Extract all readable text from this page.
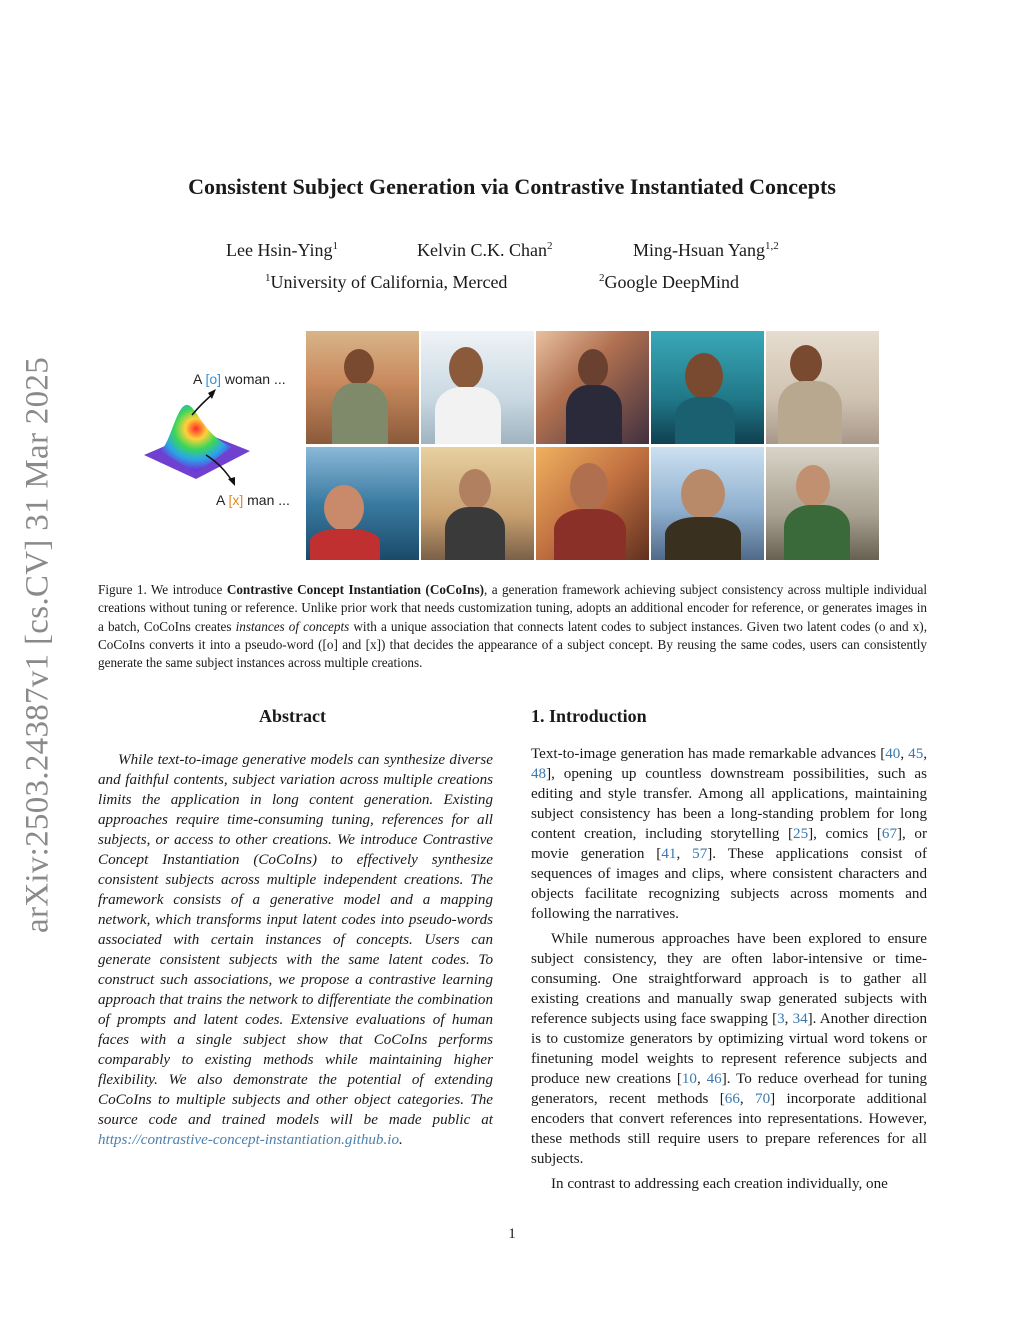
arXiv:2503.24387v1 [cs.CV] 31 Mar 2025
Consistent Subject Generation via Contrastive Instantiated Concepts
Lee Hsin-Ying$^1$	Kelvin C.K. Chan$^2$	Ming-Hsuan Yang$^{1,2}$
$^1$University of California, Merced	$^2$Google DeepMind
A [o] woman ...
A [x] man ...
Figure 1. We introduce Contrastive Concept Instantiation (CoCoIns), a generation framework achieving subject consistency across multiple individual creations without tuning or reference. Unlike prior work that needs customization tuning, adopts an additional encoder for reference, or generates images in a batch, CoCoIns creates instances of concepts with a unique association that connects latent codes to subject instances. Given two latent codes (o and x), CoCoIns converts it into a pseudo-word ([o] and [x]) that decides the appearance of a subject concept. By reusing the same codes, users can consistently generate the same subject instances across multiple creations.
Abstract
While text-to-image generative models can synthesize diverse and faithful contents, subject variation across multiple creations limits the application in long content generation. Existing approaches require time-consuming tuning, references for all subjects, or access to other creations. We introduce Contrastive Concept Instantiation (CoCoIns) to effectively synthesize consistent subjects across multiple independent creations. The framework consists of a generative model and a mapping network, which transforms input latent codes into pseudo-words associated with certain instances of concepts. Users can generate consistent subjects with the same latent codes. To construct such associations, we propose a contrastive learning approach that trains the network to differentiate the combination of prompts and latent codes. Extensive evaluations of human faces with a single subject show that CoCoIns performs comparably to existing methods while maintaining higher flexibility. We also demonstrate the potential of extending CoCoIns to multiple subjects and other object categories. The source code and trained models will be made public at https://contrastive-concept-instantiation.github.io.
1. Introduction

Text-to-image generation has made remarkable advances [40, 45, 48], opening up countless downstream possibilities, such as editing and style transfer. Among all applications, maintaining subject consistency has been a long-standing problem for long content creation, including storytelling [25], comics [67], or movie generation [41, 57]. These applications consist of sequences of images and clips, where consistent characters and objects facilitate recognizing subjects across moments and following the narratives.

While numerous approaches have been explored to ensure subject consistency, they are often labor-intensive or time-consuming. One straightforward approach is to gather all existing creations and manually swap generated subjects with reference subjects using face swapping [3, 34]. Another direction is to customize generators by optimizing virtual word tokens or finetuning model weights to represent reference subjects and produce new creations [10, 46]. To reduce overhead for tuning generators, recent methods [66, 70] incorporate additional encoders that convert references into representations. However, these methods still require users to prepare references for all subjects.

In contrast to addressing each creation individually, one

1
